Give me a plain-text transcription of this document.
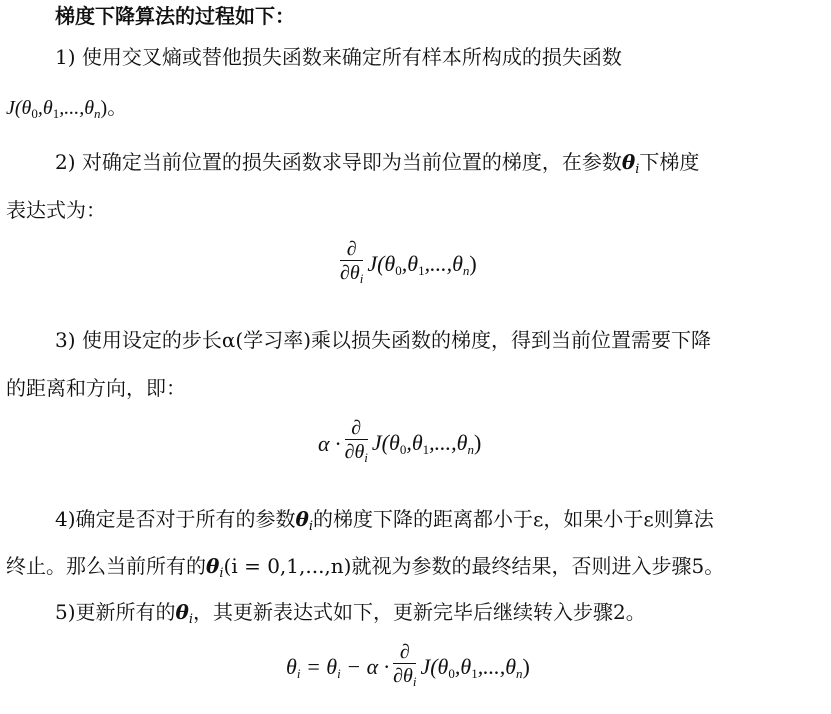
梯度下降算法的过程如下：
1) 使用交叉熵或替他损失函数来确定所有样本所构成的损失函数
$J(\theta_0,\theta_1,...,\theta_n)$。
2) 对确定当前位置的损失函数求导即为当前位置的梯度，在参数$\theta_i$下梯度
表达式为：
$\frac{\partial}{\partial\theta_i} J(\theta_0,\theta_1,...,\theta_n)$
3) 使用设定的步长α(学习率)乘以损失函数的梯度，得到当前位置需要下降
的距离和方向，即：
$\alpha \cdot \frac{\partial}{\partial\theta_i} J(\theta_0,\theta_1,...,\theta_n)$
4)确定是否对于所有的参数$\theta_i$的梯度下降的距离都小于ε，如果小于ε则算法
终止。那么当前所有的$\theta_i(i = 0,1,...,n)$就视为参数的最终结果，否则进入步骤5。
5)更新所有的$\theta_i$，其更新表达式如下，更新完毕后继续转入步骤2。
$\theta_i = \theta_i - \alpha \cdot \frac{\partial}{\partial\theta_i} J(\theta_0,\theta_1,...,\theta_n)$
